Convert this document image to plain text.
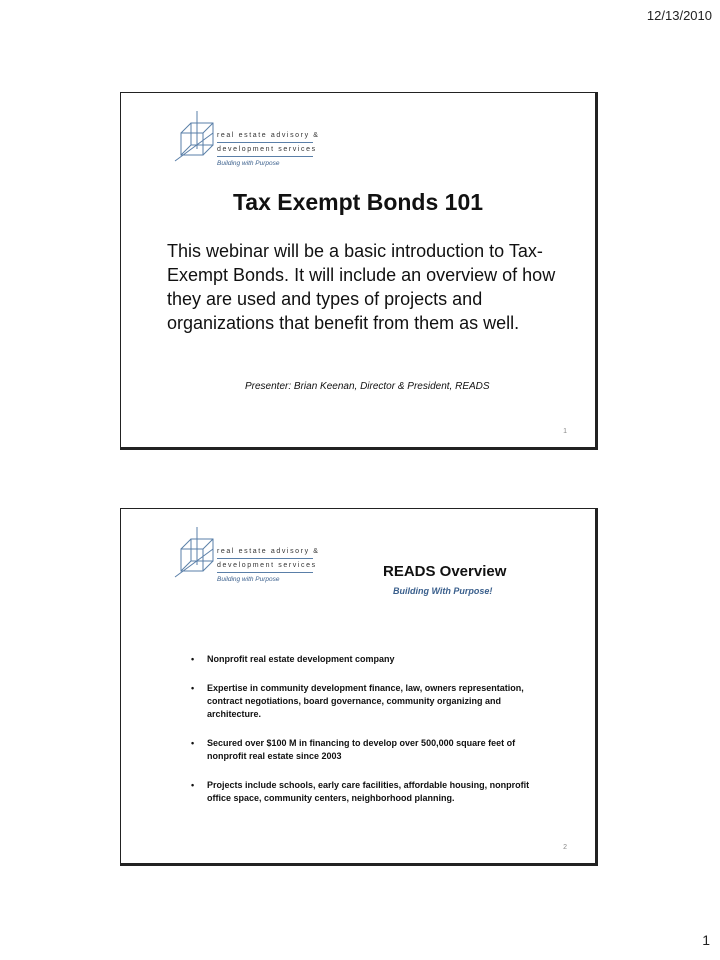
12/13/2010
real estate advisory &
development services
Building with Purpose
Tax Exempt Bonds 101
This webinar will be a basic introduction to Tax-Exempt Bonds. It will include an overview of how they are used and types of projects and organizations that benefit from them as well.
Presenter: Brian Keenan, Director & President, READS
1
real estate advisory &
development services
Building with Purpose	READS Overview
Building With Purpose!
• Nonprofit real estate development company
• Expertise in community development finance, law, owners representation, contract negotiations, board governance, community organizing and architecture.
• Secured over $100 M in financing to develop over 500,000 square feet of nonprofit real estate since 2003
• Projects include schools, early care facilities, affordable housing, nonprofit office space, community centers, neighborhood planning.
2
1
